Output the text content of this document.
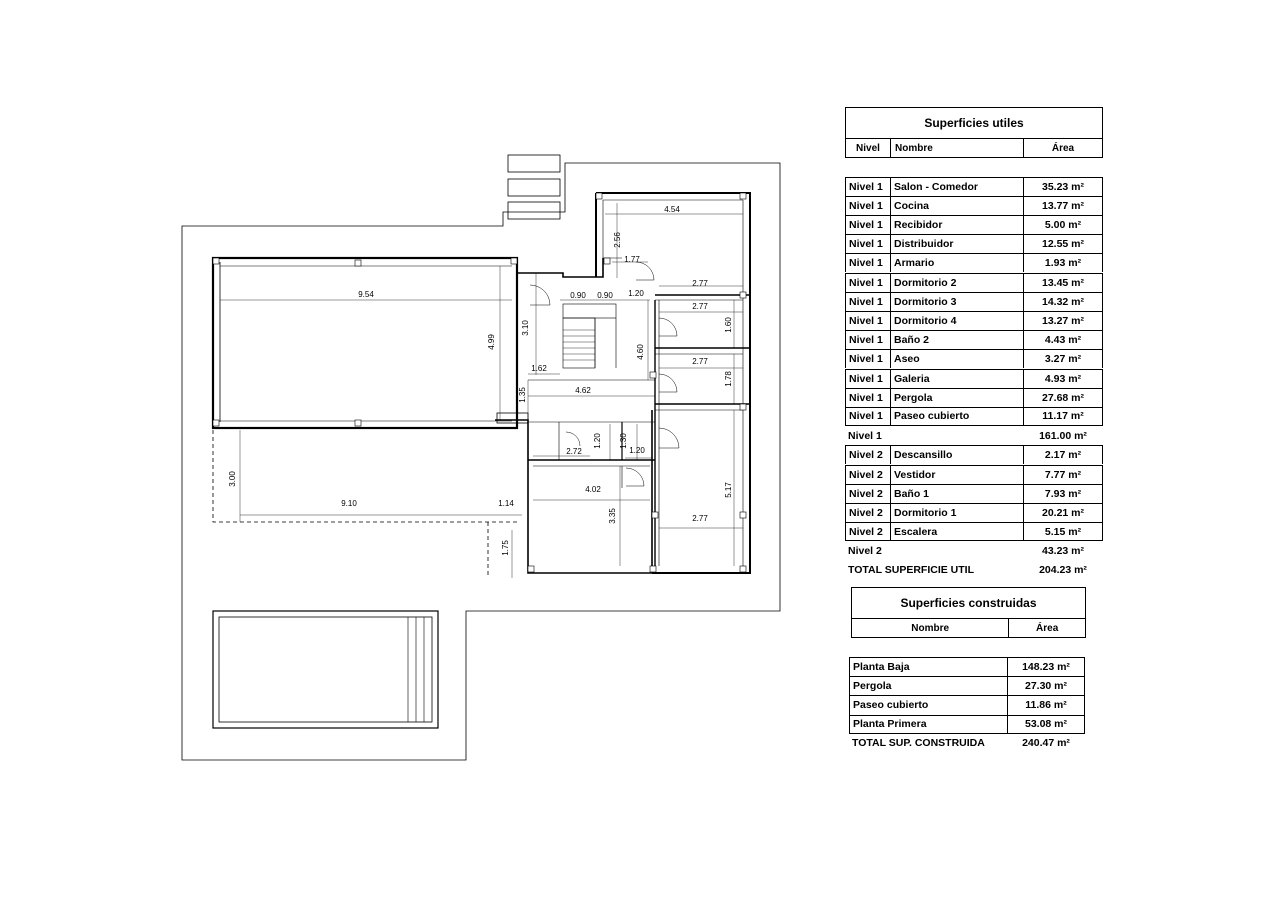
4.54
2.56
1.77
2.77
0.90 0.90 1.20
9.54
4.99
3.10
2.77
1.60
4.60
1.62
4.62
2.77
1.78
1.35
2.72
1.20 1.30
1.20
3.00
4.02	5.17
9.10	1.14
3.35	2.77
1.75
Superficies utiles
Nivel	Nombre	Área
Nivel 1	Salon - Comedor	35.23 m²
Nivel 1	Cocina	13.77 m²
Nivel 1	Recibidor	5.00 m²
Nivel 1	Distribuidor	12.55 m²
Nivel 1	Armario	1.93 m²
Nivel 1	Dormitorio 2	13.45 m²
Nivel 1	Dormitorio 3	14.32 m²
Nivel 1	Dormitorio 4	13.27 m²
Nivel 1	Baño 2	4.43 m²
Nivel 1	Aseo	3.27 m²
Nivel 1	Galeria	4.93 m²
Nivel 1	Pergola	27.68 m²
Nivel 1	Paseo cubierto	11.17 m²
Nivel 1	161.00 m²
Nivel 2	Descansillo	2.17 m²
Nivel 2	Vestidor	7.77 m²
Nivel 2	Baño 1	7.93 m²
Nivel 2	Dormitorio 1	20.21 m²
Nivel 2	Escalera	5.15 m²
Nivel 2	43.23 m²
TOTAL SUPERFICIE UTIL	204.23 m²
Superficies construidas
Nombre	Área
Planta Baja	148.23 m²
Pergola	27.30 m²
Paseo cubierto	11.86 m²
Planta Primera	53.08 m²
TOTAL SUP. CONSTRUIDA	240.47 m²
